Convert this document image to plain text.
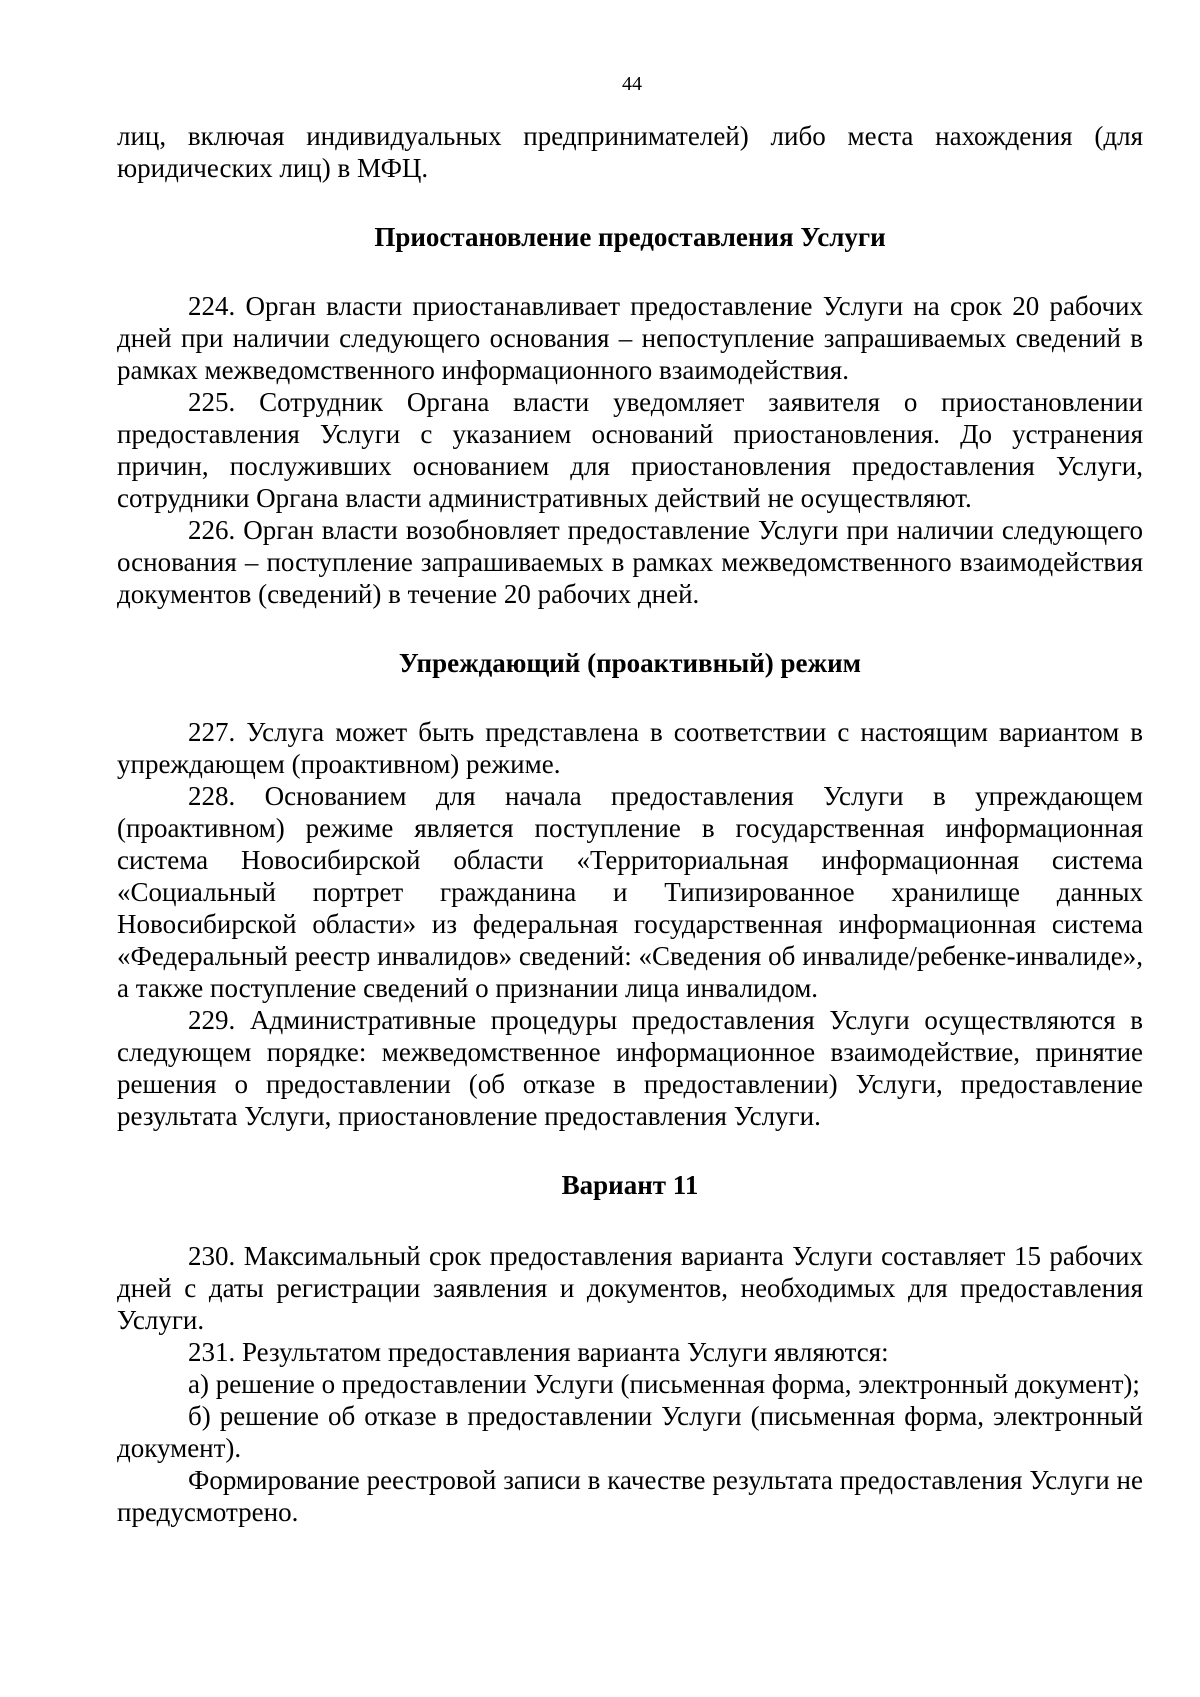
44

лиц, включая индивидуальных предпринимателей) либо места нахождения (для юридических лиц) в МФЦ.

Приостановление предоставления Услуги

224. Орган власти приостанавливает предоставление Услуги на срок 20 рабочих дней при наличии следующего основания – непоступление запрашиваемых сведений в рамках межведомственного информационного взаимодействия.

225. Сотрудник Органа власти уведомляет заявителя о приостановлении предоставления Услуги с указанием оснований приостановления. До устранения причин, послуживших основанием для приостановления предоставления Услуги, сотрудники Органа власти административных действий не осуществляют.

226. Орган власти возобновляет предоставление Услуги при наличии следующего основания – поступление запрашиваемых в рамках межведомственного взаимодействия документов (сведений) в течение 20 рабочих дней.

Упреждающий (проактивный) режим

227. Услуга может быть представлена в соответствии с настоящим вариантом в упреждающем (проактивном) режиме.

228. Основанием для начала предоставления Услуги в упреждающем (проактивном) режиме является поступление в государственная информационная система Новосибирской области «Территориальная информационная система «Социальный портрет гражданина и Типизированное хранилище данных Новосибирской области» из федеральная государственная информационная система «Федеральный реестр инвалидов» сведений: «Сведения об инвалиде/ребенке-инвалиде», а также поступление сведений о признании лица инвалидом.

229. Административные процедуры предоставления Услуги осуществляются в следующем порядке: межведомственное информационное взаимодействие, принятие решения о предоставлении (об отказе в предоставлении) Услуги, предоставление результата Услуги, приостановление предоставления Услуги.

Вариант 11

230. Максимальный срок предоставления варианта Услуги составляет 15 рабочих дней с даты регистрации заявления и документов, необходимых для предоставления Услуги.

231. Результатом предоставления варианта Услуги являются:

а) решение о предоставлении Услуги (письменная форма, электронный документ);

б) решение об отказе в предоставлении Услуги (письменная форма, электронный документ).

Формирование реестровой записи в качестве результата предоставления Услуги не предусмотрено.
